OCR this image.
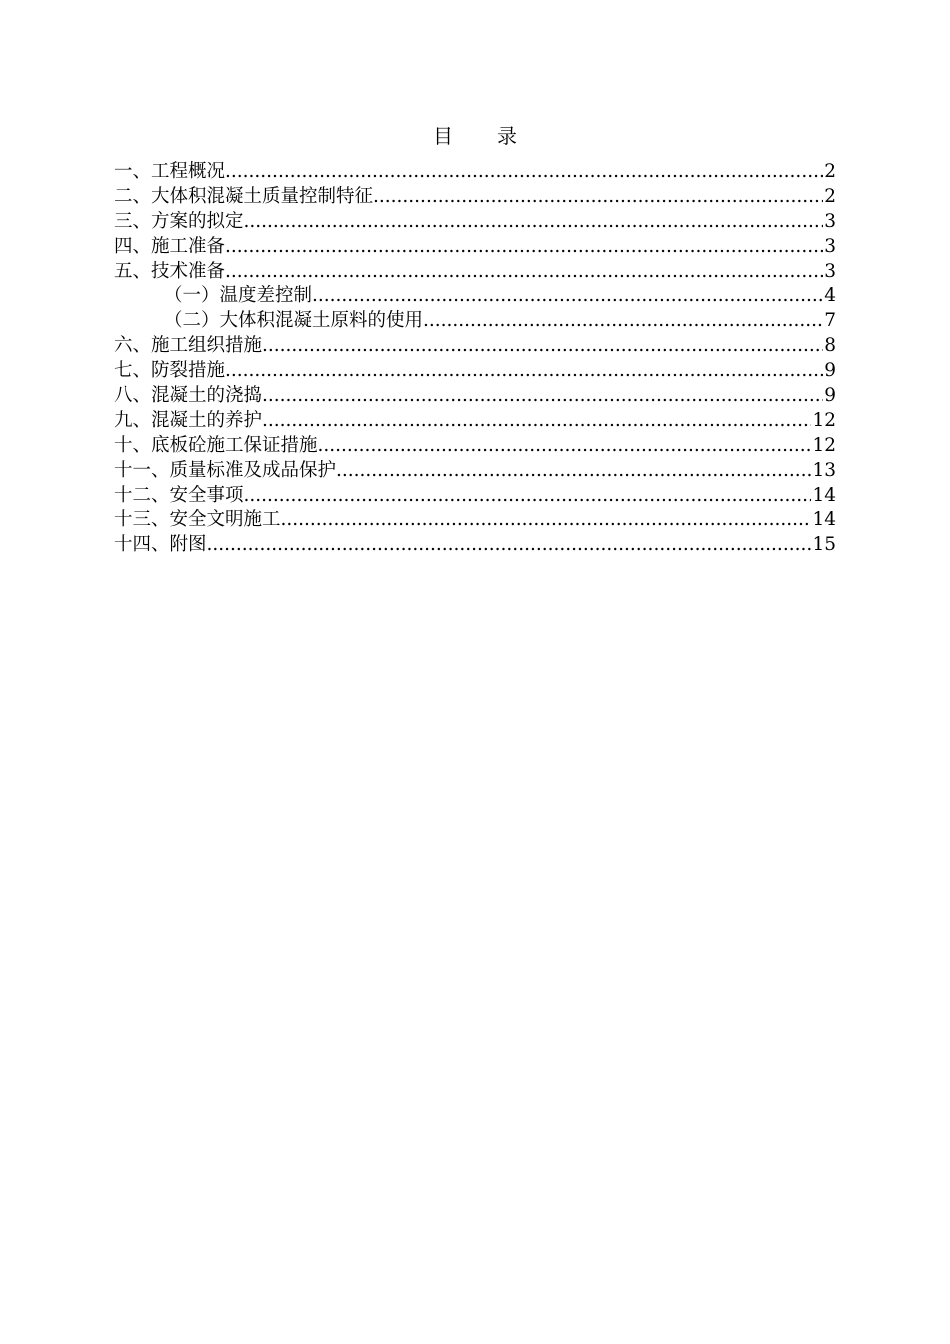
目 录
一、工程概况 .....	2
二、大体积混凝土质量控制特征 .....	2
三、方案的拟定 .....	3
四、施工准备 .....	3
五、技术准备 .....	3
（一）温度差控制 .....	4
（二）大体积混凝土原料的使用 .....	7
六、施工组织措施 .....	8
七、防裂措施 .....	9
八、混凝土的浇捣 .....	9
九、混凝土的养护 .....	12
十、底板砼施工保证措施 .....	12
十一、质量标准及成品保护 .....	13
十二、安全事项 .....	14
十三、安全文明施工 .....	14
十四、附图 .....	15
